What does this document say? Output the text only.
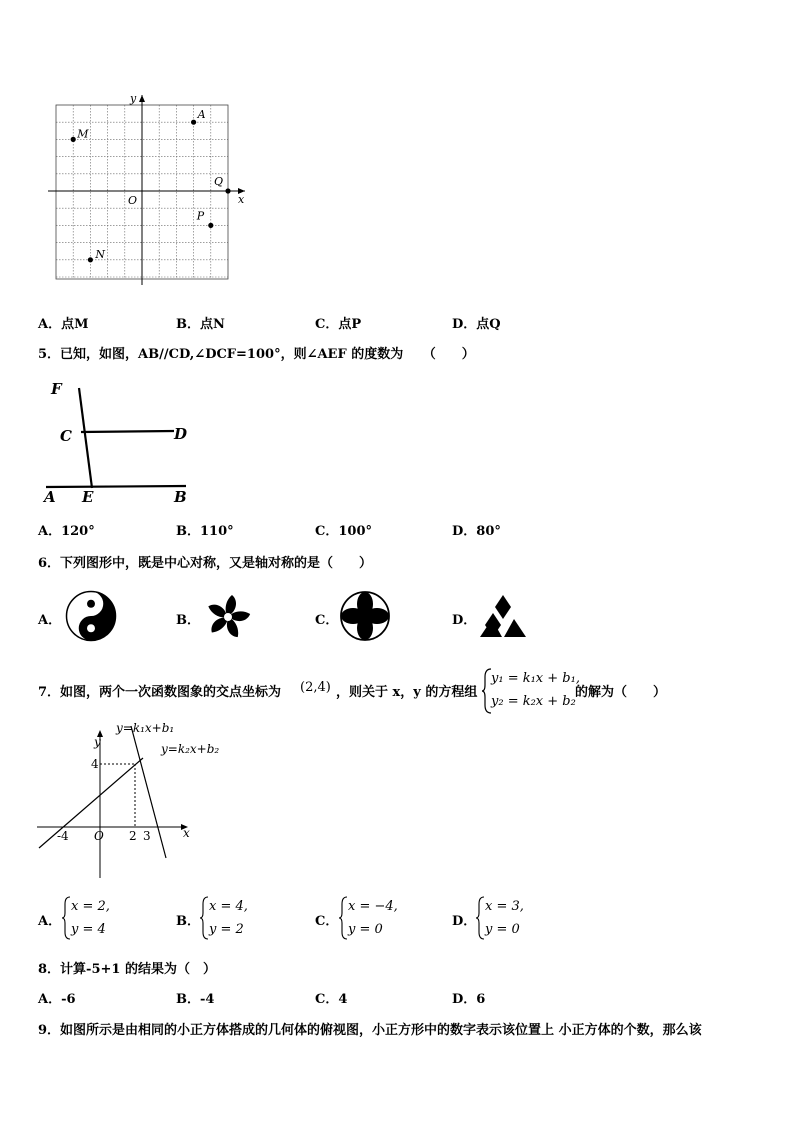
y
x
O
A
M
Q
P
N
A．点M	B．点N	C．点P	D．点Q
5．已知，如图，AB//CD,∠DCF=100°，则∠AEF 的度数为　　（　　）
F
C	D
A E	B
A．120°	B．110°	C．100°	D．80°
6．下列图形中，既是中心对称，又是轴对称的是（　　）
A．	B．	C．	D．
7．如图，两个一次函数图象的交点坐标为 (2,4) ，则关于 x，y 的方程组
y₁ = k₁x + b₁,
y₂ = k₂x + b₂
的解为（　　）
y=k₁x+b₁
y=k₂x+b₂
y
x
O
4
-4	2 3
A．
x = 2,
y = 4
B．
x = 4,
y = 2
C．
x = −4,
y = 0
D．
x = 3,
y = 0
8．计算-5+1 的结果为（　）
A．-6	B．-4	C．4	D．6
9．如图所示是由相同的小正方体搭成的几何体的俯视图，小正方形中的数字表示该位置上 小正方体的个数，那么该
